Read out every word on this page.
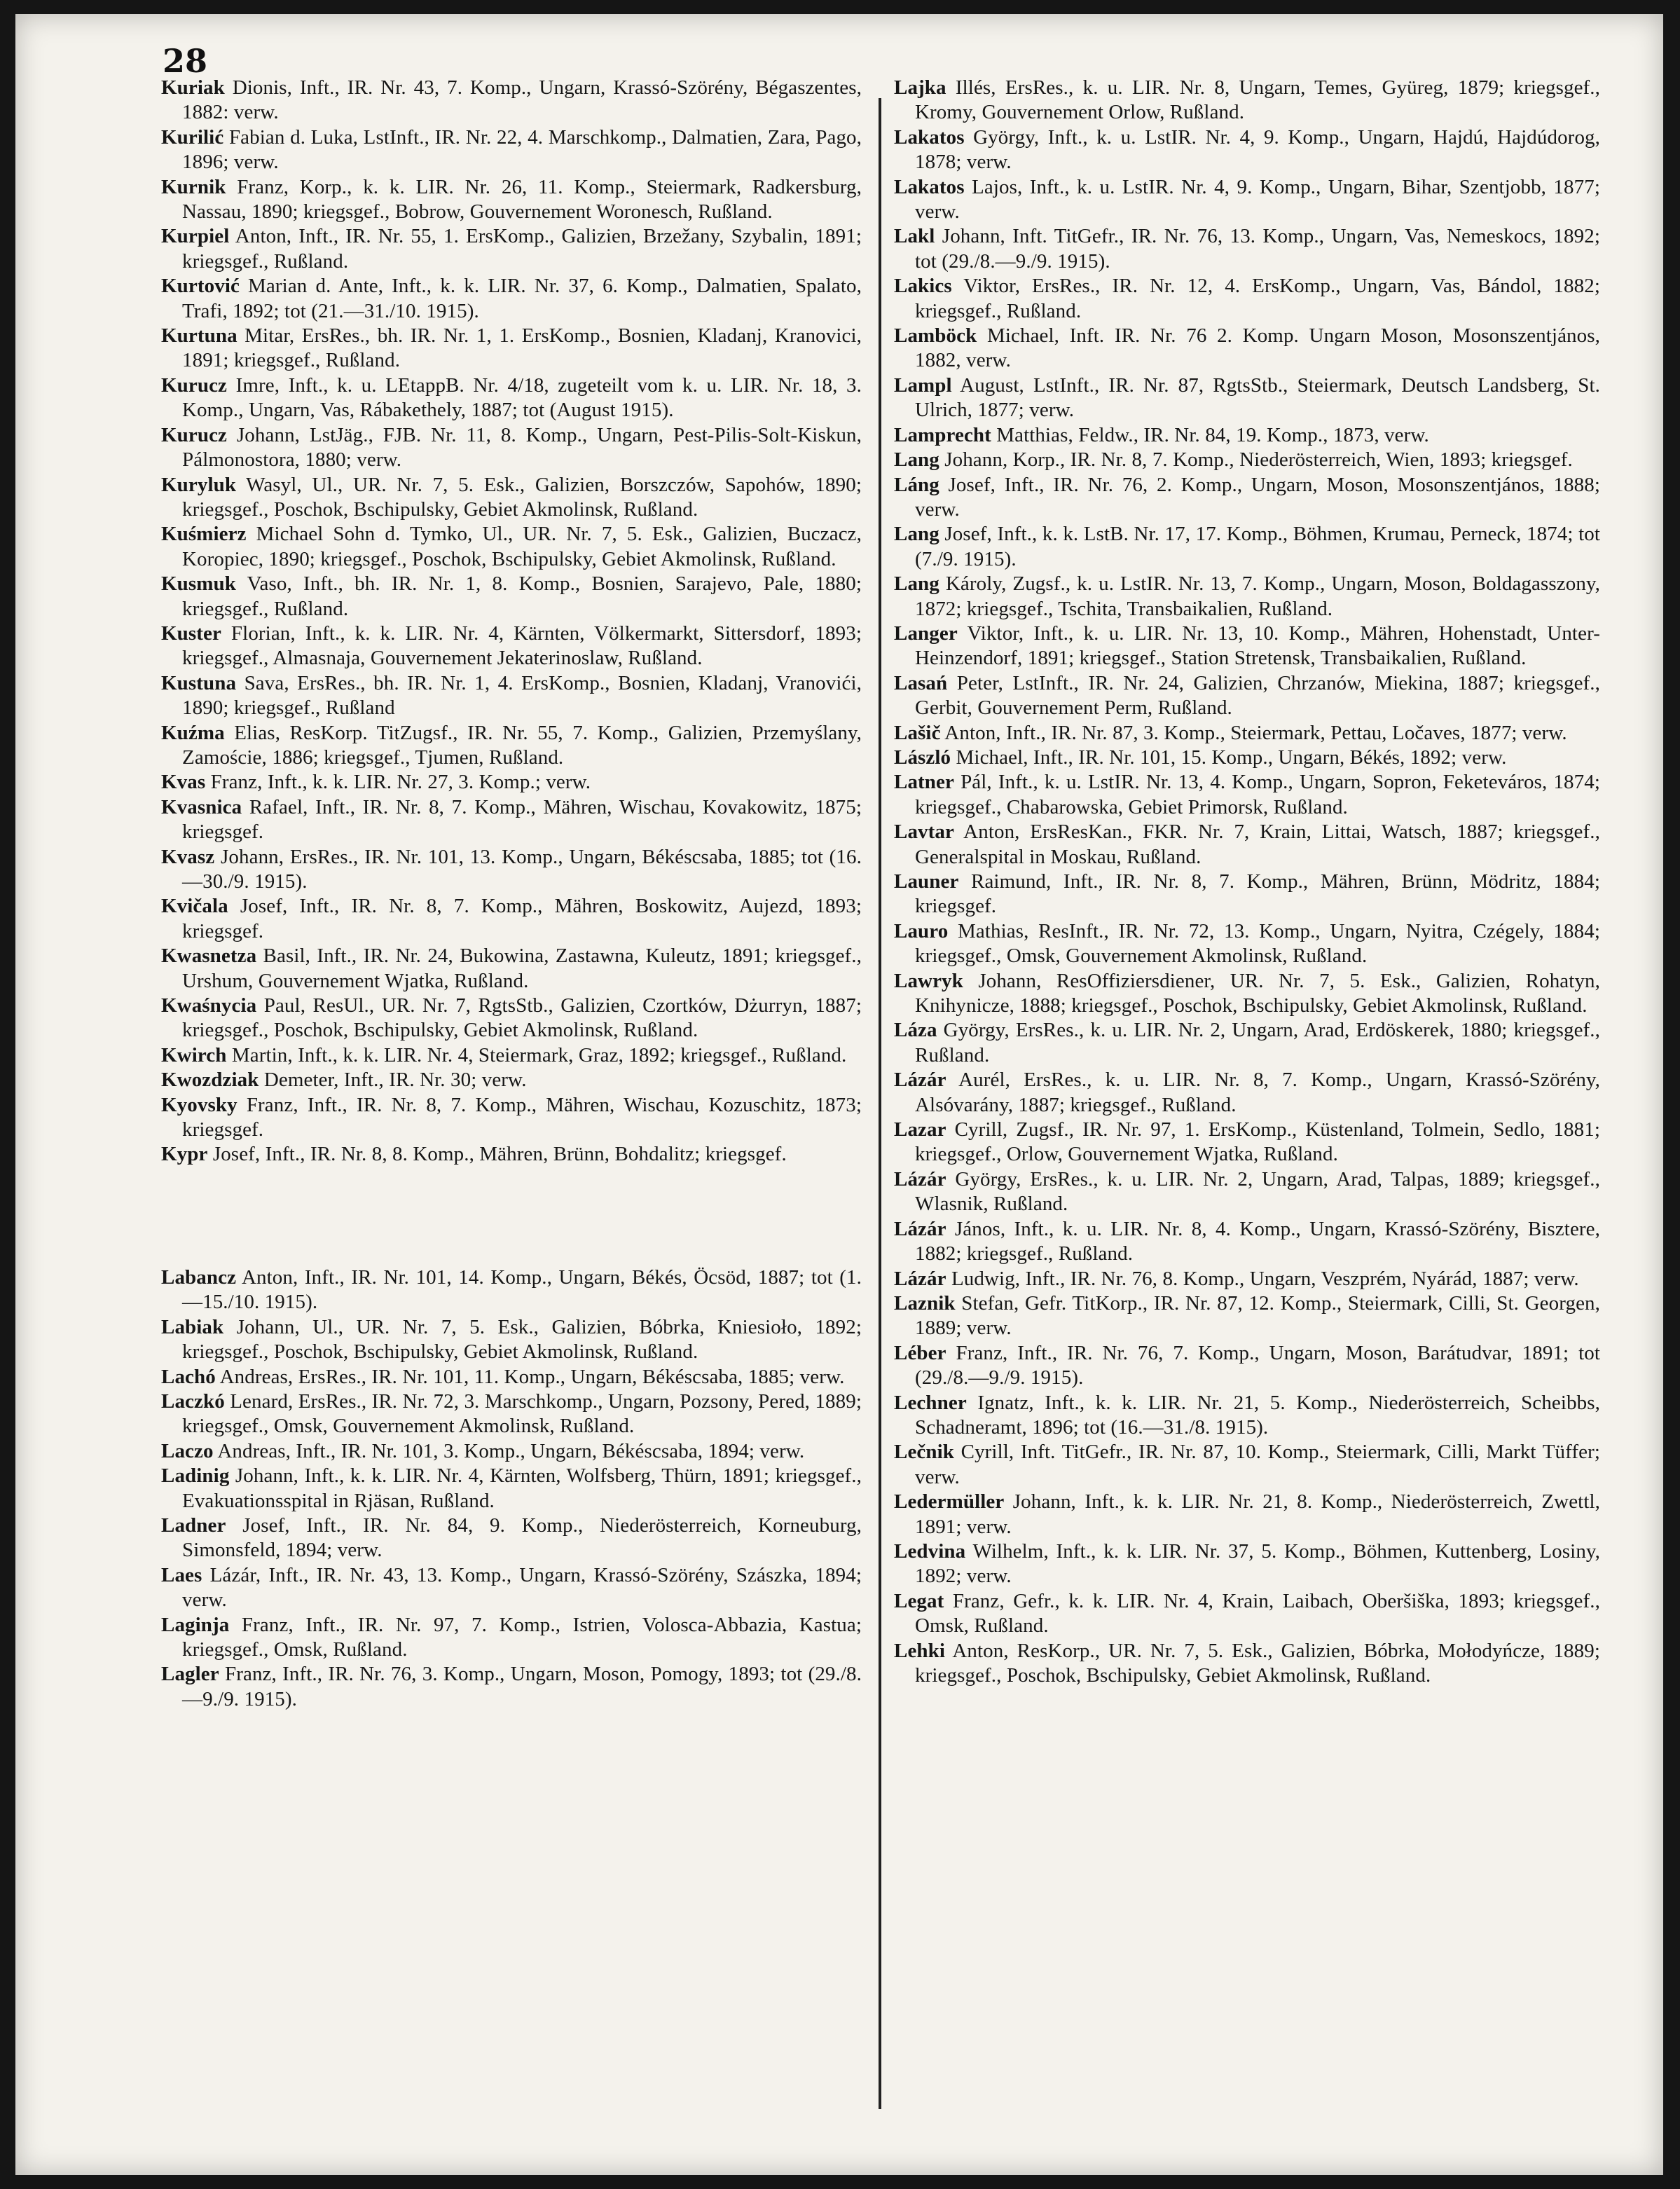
28

Kuriak Dionis, Inft., IR. Nr. 43, 7. Komp., Ungarn, Krassó-Szörény, Bégaszentes, 1882: verw.

Kurilić Fabian d. Luka, LstInft., IR. Nr. 22, 4. Marschkomp., Dalmatien, Zara, Pago, 1896; verw.

Kurnik Franz, Korp., k. k. LIR. Nr. 26, 11. Komp., Steiermark, Radkersburg, Nassau, 1890; kriegsgef., Bobrow, Gouvernement Woronesch, Rußland.

Kurpiel Anton, Inft., IR. Nr. 55, 1. ErsKomp., Galizien, Brzežany, Szybalin, 1891; kriegsgef., Rußland.

Kurtović Marian d. Ante, Inft., k. k. LIR. Nr. 37, 6. Komp., Dalmatien, Spalato, Trafi, 1892; tot (21.—31./10. 1915).

Kurtuna Mitar, ErsRes., bh. IR. Nr. 1, 1. ErsKomp., Bosnien, Kladanj, Kranovici, 1891; kriegsgef., Rußland.

Kurucz Imre, Inft., k. u. LEtappB. Nr. 4/18, zugeteilt vom k. u. LIR. Nr. 18, 3. Komp., Ungarn, Vas, Rábakethely, 1887; tot (August 1915).

Kurucz Johann, LstJäg., FJB. Nr. 11, 8. Komp., Ungarn, Pest-Pilis-Solt-Kiskun, Pálmonostora, 1880; verw.

Kuryluk Wasyl, Ul., UR. Nr. 7, 5. Esk., Galizien, Borszczów, Sapohów, 1890; kriegsgef., Poschok, Bschipulsky, Gebiet Akmolinsk, Rußland.

Kuśmierz Michael Sohn d. Tymko, Ul., UR. Nr. 7, 5. Esk., Galizien, Buczacz, Koropiec, 1890; kriegsgef., Poschok, Bschipulsky, Gebiet Akmolinsk, Rußland.

Kusmuk Vaso, Inft., bh. IR. Nr. 1, 8. Komp., Bosnien, Sarajevo, Pale, 1880; kriegsgef., Rußland.

Kuster Florian, Inft., k. k. LIR. Nr. 4, Kärnten, Völkermarkt, Sittersdorf, 1893; kriegsgef., Almasnaja, Gouvernement Jekaterinoslaw, Rußland.

Kustuna Sava, ErsRes., bh. IR. Nr. 1, 4. ErsKomp., Bosnien, Kladanj, Vranovići, 1890; kriegsgef., Rußland

Kuźma Elias, ResKorp. TitZugsf., IR. Nr. 55, 7. Komp., Galizien, Przemyślany, Zamoście, 1886; kriegsgef., Tjumen, Rußland.

Kvas Franz, Inft., k. k. LIR. Nr. 27, 3. Komp.; verw.

Kvasnica Rafael, Inft., IR. Nr. 8, 7. Komp., Mähren, Wischau, Kovakowitz, 1875; kriegsgef.

Kvasz Johann, ErsRes., IR. Nr. 101, 13. Komp., Ungarn, Békéscsaba, 1885; tot (16.—30./9. 1915).

Kvičala Josef, Inft., IR. Nr. 8, 7. Komp., Mähren, Boskowitz, Aujezd, 1893; kriegsgef.

Kwasnetza Basil, Inft., IR. Nr. 24, Bukowina, Zastawna, Kuleutz, 1891; kriegsgef., Urshum, Gouvernement Wjatka, Rußland.

Kwaśnycia Paul, ResUl., UR. Nr. 7, RgtsStb., Galizien, Czortków, Dżurryn, 1887; kriegsgef., Poschok, Bschipulsky, Gebiet Akmolinsk, Rußland.

Kwirch Martin, Inft., k. k. LIR. Nr. 4, Steiermark, Graz, 1892; kriegsgef., Rußland.

Kwozdziak Demeter, Inft., IR. Nr. 30; verw.

Kyovsky Franz, Inft., IR. Nr. 8, 7. Komp., Mähren, Wischau, Kozuschitz, 1873; kriegsgef.

Kypr Josef, Inft., IR. Nr. 8, 8. Komp., Mähren, Brünn, Bohdalitz; kriegsgef.

Labancz Anton, Inft., IR. Nr. 101, 14. Komp., Ungarn, Békés, Öcsöd, 1887; tot (1.—15./10. 1915).

Labiak Johann, Ul., UR. Nr. 7, 5. Esk., Galizien, Bóbrka, Kniesioło, 1892; kriegsgef., Poschok, Bschipulsky, Gebiet Akmolinsk, Rußland.

Lachó Andreas, ErsRes., IR. Nr. 101, 11. Komp., Ungarn, Békéscsaba, 1885; verw.

Laczkó Lenard, ErsRes., IR. Nr. 72, 3. Marschkomp., Ungarn, Pozsony, Pered, 1889; kriegsgef., Omsk, Gouvernement Akmolinsk, Rußland.

Laczo Andreas, Inft., IR. Nr. 101, 3. Komp., Ungarn, Békéscsaba, 1894; verw.

Ladinig Johann, Inft., k. k. LIR. Nr. 4, Kärnten, Wolfsberg, Thürn, 1891; kriegsgef., Evakuationsspital in Rjäsan, Rußland.

Ladner Josef, Inft., IR. Nr. 84, 9. Komp., Niederösterreich, Korneuburg, Simonsfeld, 1894; verw.

Laes Lázár, Inft., IR. Nr. 43, 13. Komp., Ungarn, Krassó-Szörény, Szászka, 1894; verw.

Laginja Franz, Inft., IR. Nr. 97, 7. Komp., Istrien, Volosca-Abbazia, Kastua; kriegsgef., Omsk, Rußland.

Lagler Franz, Inft., IR. Nr. 76, 3. Komp., Ungarn, Moson, Pomogy, 1893; tot (29./8.—9./9. 1915).

Lajka Illés, ErsRes., k. u. LIR. Nr. 8, Ungarn, Temes, Gyüreg, 1879; kriegsgef., Kromy, Gouvernement Orlow, Rußland.

Lakatos György, Inft., k. u. LstIR. Nr. 4, 9. Komp., Ungarn, Hajdú, Hajdúdorog, 1878; verw.

Lakatos Lajos, Inft., k. u. LstIR. Nr. 4, 9. Komp., Ungarn, Bihar, Szentjobb, 1877; verw.

Lakl Johann, Inft. TitGefr., IR. Nr. 76, 13. Komp., Ungarn, Vas, Nemeskocs, 1892; tot (29./8.—9./9. 1915).

Lakics Viktor, ErsRes., IR. Nr. 12, 4. ErsKomp., Ungarn, Vas, Bándol, 1882; kriegsgef., Rußland.

Lamböck Michael, Inft. IR. Nr. 76 2. Komp. Ungarn Moson, Mosonszentjános, 1882, verw.

Lampl August, LstInft., IR. Nr. 87, RgtsStb., Steiermark, Deutsch Landsberg, St. Ulrich, 1877; verw.

Lamprecht Matthias, Feldw., IR. Nr. 84, 19. Komp., 1873, verw.

Lang Johann, Korp., IR. Nr. 8, 7. Komp., Niederösterreich, Wien, 1893; kriegsgef.

Láng Josef, Inft., IR. Nr. 76, 2. Komp., Ungarn, Moson, Mosonszentjános, 1888; verw.

Lang Josef, Inft., k. k. LstB. Nr. 17, 17. Komp., Böhmen, Krumau, Perneck, 1874; tot (7./9. 1915).

Lang Károly, Zugsf., k. u. LstIR. Nr. 13, 7. Komp., Ungarn, Moson, Boldagasszony, 1872; kriegsgef., Tschita, Transbaikalien, Rußland.

Langer Viktor, Inft., k. u. LIR. Nr. 13, 10. Komp., Mähren, Hohenstadt, Unter-Heinzendorf, 1891; kriegsgef., Station Stretensk, Transbaikalien, Rußland.

Lasań Peter, LstInft., IR. Nr. 24, Galizien, Chrzanów, Miekina, 1887; kriegsgef., Gerbit, Gouvernement Perm, Rußland.

Lašič Anton, Inft., IR. Nr. 87, 3. Komp., Steiermark, Pettau, Ločaves, 1877; verw.

László Michael, Inft., IR. Nr. 101, 15. Komp., Ungarn, Békés, 1892; verw.

Latner Pál, Inft., k. u. LstIR. Nr. 13, 4. Komp., Ungarn, Sopron, Feketeváros, 1874; kriegsgef., Chabarowska, Gebiet Primorsk, Rußland.

Lavtar Anton, ErsResKan., FKR. Nr. 7, Krain, Littai, Watsch, 1887; kriegsgef., Generalspital in Moskau, Rußland.

Launer Raimund, Inft., IR. Nr. 8, 7. Komp., Mähren, Brünn, Mödritz, 1884; kriegsgef.

Lauro Mathias, ResInft., IR. Nr. 72, 13. Komp., Ungarn, Nyitra, Czégely, 1884; kriegsgef., Omsk, Gouvernement Akmolinsk, Rußland.

Lawryk Johann, ResOffiziersdiener, UR. Nr. 7, 5. Esk., Galizien, Rohatyn, Knihynicze, 1888; kriegsgef., Poschok, Bschipulsky, Gebiet Akmolinsk, Rußland.

Láza György, ErsRes., k. u. LIR. Nr. 2, Ungarn, Arad, Erdöskerek, 1880; kriegsgef., Rußland.

Lázár Aurél, ErsRes., k. u. LIR. Nr. 8, 7. Komp., Ungarn, Krassó-Szörény, Alsóvarány, 1887; kriegsgef., Rußland.

Lazar Cyrill, Zugsf., IR. Nr. 97, 1. ErsKomp., Küstenland, Tolmein, Sedlo, 1881; kriegsgef., Orlow, Gouvernement Wjatka, Rußland.

Lázár György, ErsRes., k. u. LIR. Nr. 2, Ungarn, Arad, Talpas, 1889; kriegsgef., Wlasnik, Rußland.

Lázár János, Inft., k. u. LIR. Nr. 8, 4. Komp., Ungarn, Krassó-Szörény, Bisztere, 1882; kriegsgef., Rußland.

Lázár Ludwig, Inft., IR. Nr. 76, 8. Komp., Ungarn, Veszprém, Nyárád, 1887; verw.

Laznik Stefan, Gefr. TitKorp., IR. Nr. 87, 12. Komp., Steiermark, Cilli, St. Georgen, 1889; verw.

Léber Franz, Inft., IR. Nr. 76, 7. Komp., Ungarn, Moson, Barátudvar, 1891; tot (29./8.—9./9. 1915).

Lechner Ignatz, Inft., k. k. LIR. Nr. 21, 5. Komp., Niederösterreich, Scheibbs, Schadneramt, 1896; tot (16.—31./8. 1915).

Lečnik Cyrill, Inft. TitGefr., IR. Nr. 87, 10. Komp., Steiermark, Cilli, Markt Tüffer; verw.

Ledermüller Johann, Inft., k. k. LIR. Nr. 21, 8. Komp., Niederösterreich, Zwettl, 1891; verw.

Ledvina Wilhelm, Inft., k. k. LIR. Nr. 37, 5. Komp., Böhmen, Kuttenberg, Losiny, 1892; verw.

Legat Franz, Gefr., k. k. LIR. Nr. 4, Krain, Laibach, Oberšiška, 1893; kriegsgef., Omsk, Rußland.

Lehki Anton, ResKorp., UR. Nr. 7, 5. Esk., Galizien, Bóbrka, Mołodyńcze, 1889; kriegsgef., Poschok, Bschipulsky, Gebiet Akmolinsk, Rußland.
